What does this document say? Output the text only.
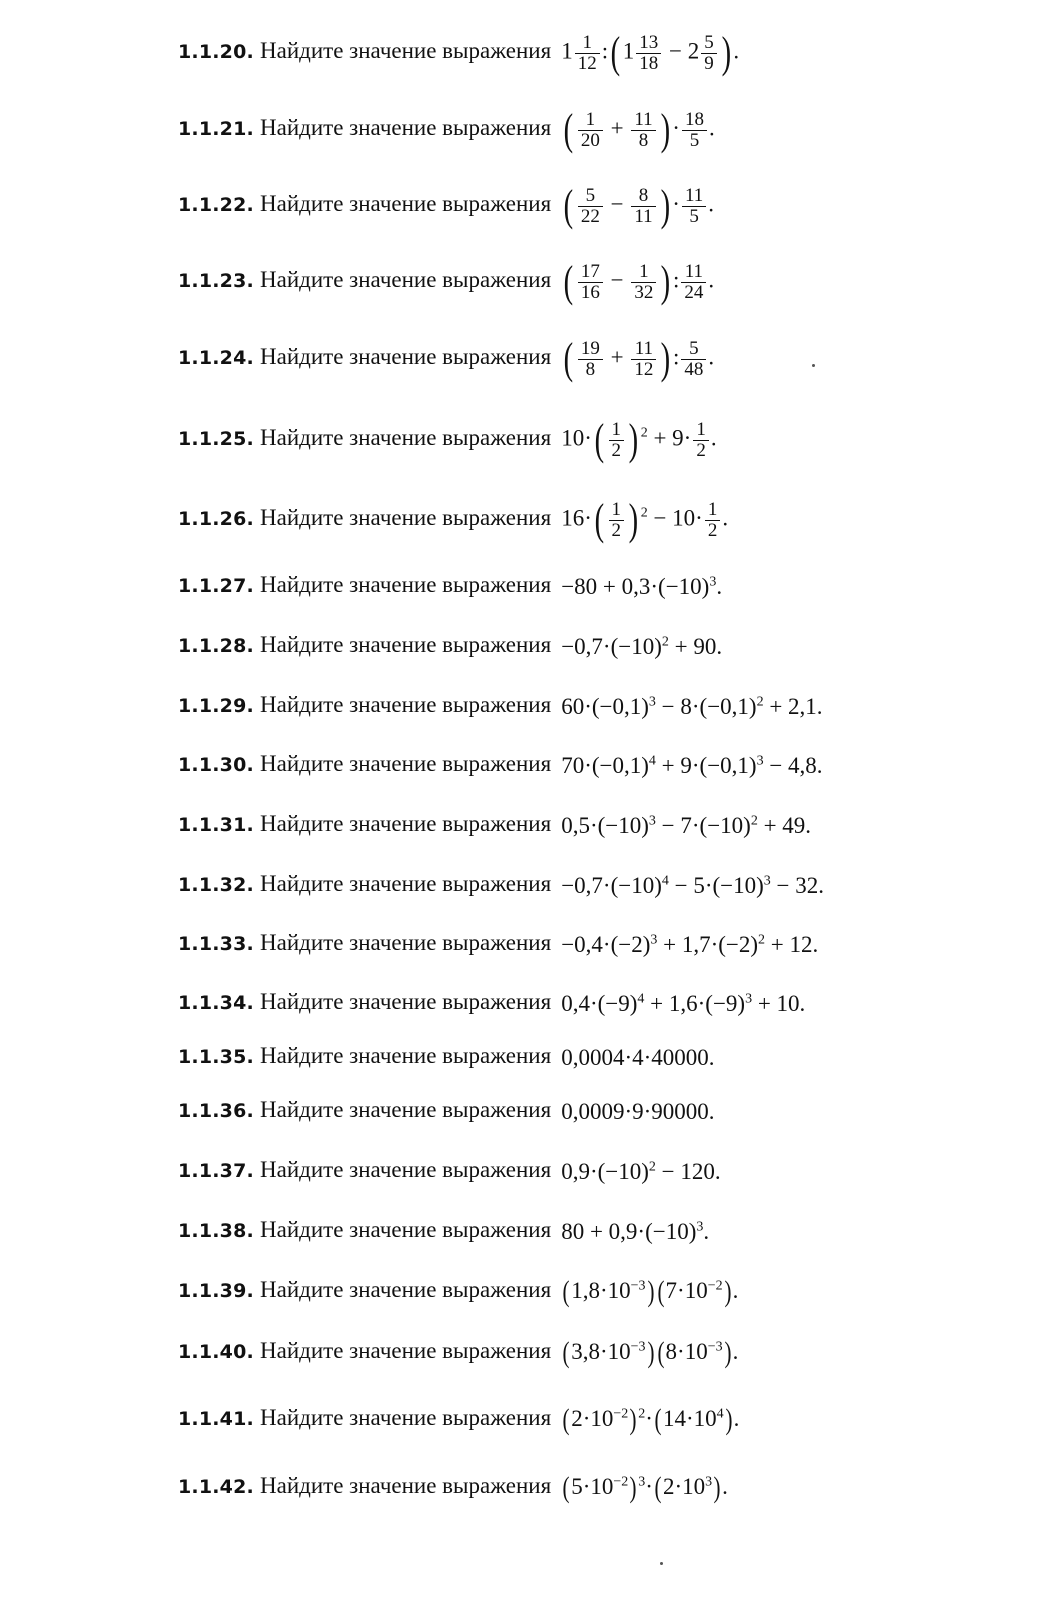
1.1.20. Найдите значение выражения $1 \frac{1}{12}$ :( $1 \frac{13}{18} - 2 \frac{5}{9}$ ) .
1.1.21. Найдите значение выражения ( $\frac{1}{20} + \frac{11}{8}$ ) · $\frac{18}{5}$ .
1.1.22. Найдите значение выражения ( $\frac{5}{22} - \frac{8}{11}$ ) · $\frac{11}{5}$ .
1.1.23. Найдите значение выражения ( $\frac{17}{16} - \frac{1}{32}$ ) : $\frac{11}{24}$ .
1.1.24. Найдите значение выражения ( $\frac{19}{8} + \frac{11}{12}$ ) : $\frac{5}{48}$ .
1.1.25. Найдите значение выражения $10\cdot( \frac{1}{2}$ ) $^2 + 9\cdot \frac{1}{2}$ .
1.1.26. Найдите значение выражения $16\cdot( \frac{1}{2}$ ) $^2 - 10\cdot \frac{1}{2}$ .
1.1.27. Найдите значение выражения $-80 + 0,3\cdot(-10)^3$.
1.1.28. Найдите значение выражения $-0,7\cdot(-10)^2 + 90$.
1.1.29. Найдите значение выражения $60\cdot(-0,1)^3 - 8\cdot(-0,1)^2 + 2,1$.
1.1.30. Найдите значение выражения $70\cdot(-0,1)^4 + 9\cdot(-0,1)^3 - 4,8$.
1.1.31. Найдите значение выражения $0,5\cdot(-10)^3 - 7\cdot(-10)^2 + 49$.
1.1.32. Найдите значение выражения $-0,7\cdot(-10)^4 - 5\cdot(-10)^3 - 32$.
1.1.33. Найдите значение выражения $-0,4\cdot(-2)^3 + 1,7\cdot(-2)^2 + 12$.
1.1.34. Найдите значение выражения $0,4\cdot(-9)^4 + 1,6\cdot(-9)^3 + 10$.
1.1.35. Найдите значение выражения 0,0004·4·40000.
1.1.36. Найдите значение выражения 0,0009·9·90000.
1.1.37. Найдите значение выражения $0,9\cdot(-10)^2 - 120$.
1.1.38. Найдите значение выражения $80 + 0,9\cdot(-10)^3$.
1.1.39. Найдите значение выражения $(1,8\cdot 10^{-3})$ $(7\cdot 10^{-2})$.
1.1.40. Найдите значение выражения $(3,8\cdot 10^{-3})$ $(8\cdot 10^{-3})$.
1.1.41. Найдите значение выражения $(2\cdot 10^{-2})$ $^2\cdot(14\cdot 10^4)$.
1.1.42. Найдите значение выражения $(5\cdot 10^{-2})$ $^3\cdot(2\cdot 10^3)$.
